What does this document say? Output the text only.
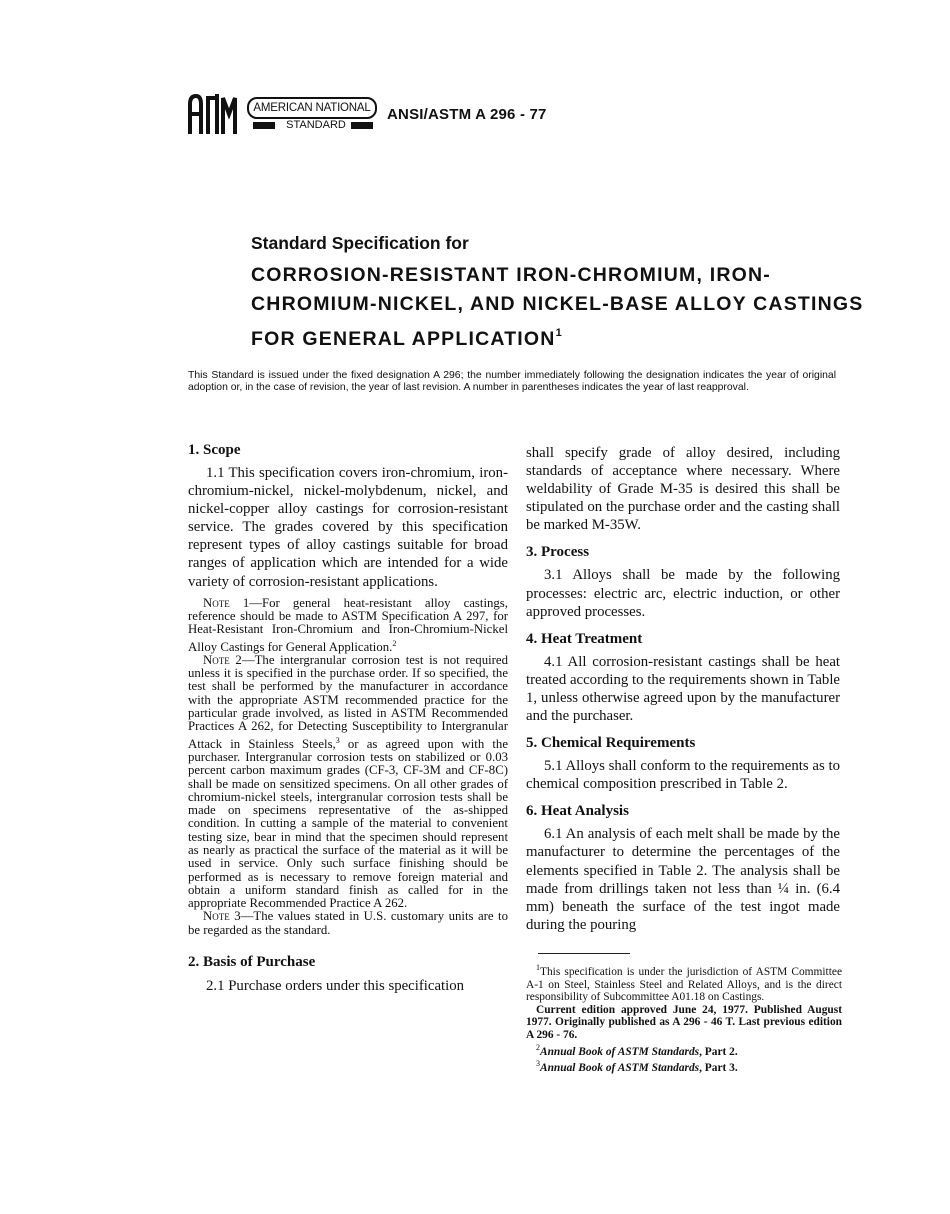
AMERICAN NATIONAL
STANDARD
ANSI/ASTM A 296 - 77
Standard Specification for
CORROSION-RESISTANT IRON-CHROMIUM, IRON-CHROMIUM-NICKEL, AND NICKEL-BASE ALLOY CASTINGS FOR GENERAL APPLICATION$^1$
This Standard is issued under the fixed designation A 296; the number immediately following the designation indicates the year of original adoption or, in the case of revision, the year of last revision. A number in parentheses indicates the year of last reapproval.
1. Scope

1.1 This specification covers iron-chromium, iron-chromium-nickel, nickel-molybdenum, nickel, and nickel-copper alloy castings for corrosion-resistant service. The grades covered by this specification represent types of alloy castings suitable for broad ranges of application which are intended for a wide variety of corrosion-resistant applications.

Note 1—For general heat-resistant alloy castings, reference should be made to ASTM Specification A 297, for Heat-Resistant Iron-Chromium and Iron-Chromium-Nickel Alloy Castings for General Application.$^2$

Note 2—The intergranular corrosion test is not required unless it is specified in the purchase order. If so specified, the test shall be performed by the manufacturer in accordance with the appropriate ASTM recommended practice for the particular grade involved, as listed in ASTM Recommended Practices A 262, for Detecting Susceptibility to Intergranular Attack in Stainless Steels,$^3$ or as agreed upon with the purchaser. Intergranular corrosion tests on stabilized or 0.03 percent carbon maximum grades (CF-3, CF-3M and CF-8C) shall be made on sensitized specimens. On all other grades of chromium-nickel steels, intergranular corrosion tests shall be made on specimens representative of the as-shipped condition. In cutting a sample of the material to convenient testing size, bear in mind that the specimen should represent as nearly as practical the surface of the material as it will be used in service. Only such surface finishing should be performed as is necessary to remove foreign material and obtain a uniform standard finish as called for in the appropriate Recommended Practice A 262.

Note 3—The values stated in U.S. customary units are to be regarded as the standard.

2. Basis of Purchase

2.1 Purchase orders under this specification

shall specify grade of alloy desired, including standards of acceptance where necessary. Where weldability of Grade M-35 is desired this shall be stipulated on the purchase order and the casting shall be marked M-35W.

3. Process

3.1 Alloys shall be made by the following processes: electric arc, electric induction, or other approved processes.

4. Heat Treatment

4.1 All corrosion-resistant castings shall be heat treated according to the requirements shown in Table 1, unless otherwise agreed upon by the manufacturer and the purchaser.

5. Chemical Requirements

5.1 Alloys shall conform to the requirements as to chemical composition prescribed in Table 2.

6. Heat Analysis

6.1 An analysis of each melt shall be made by the manufacturer to determine the percentages of the elements specified in Table 2. The analysis shall be made from drillings taken not less than ¼ in. (6.4 mm) beneath the surface of the test ingot made during the pouring

$^1$This specification is under the jurisdiction of ASTM Committee A-1 on Steel, Stainless Steel and Related Alloys, and is the direct responsibility of Subcommittee A01.18 on Castings.

Current edition approved June 24, 1977. Published August 1977. Originally published as A 296 - 46 T. Last previous edition A 296 - 76.

$^2$Annual Book of ASTM Standards, Part 2.

$^3$Annual Book of ASTM Standards, Part 3.
